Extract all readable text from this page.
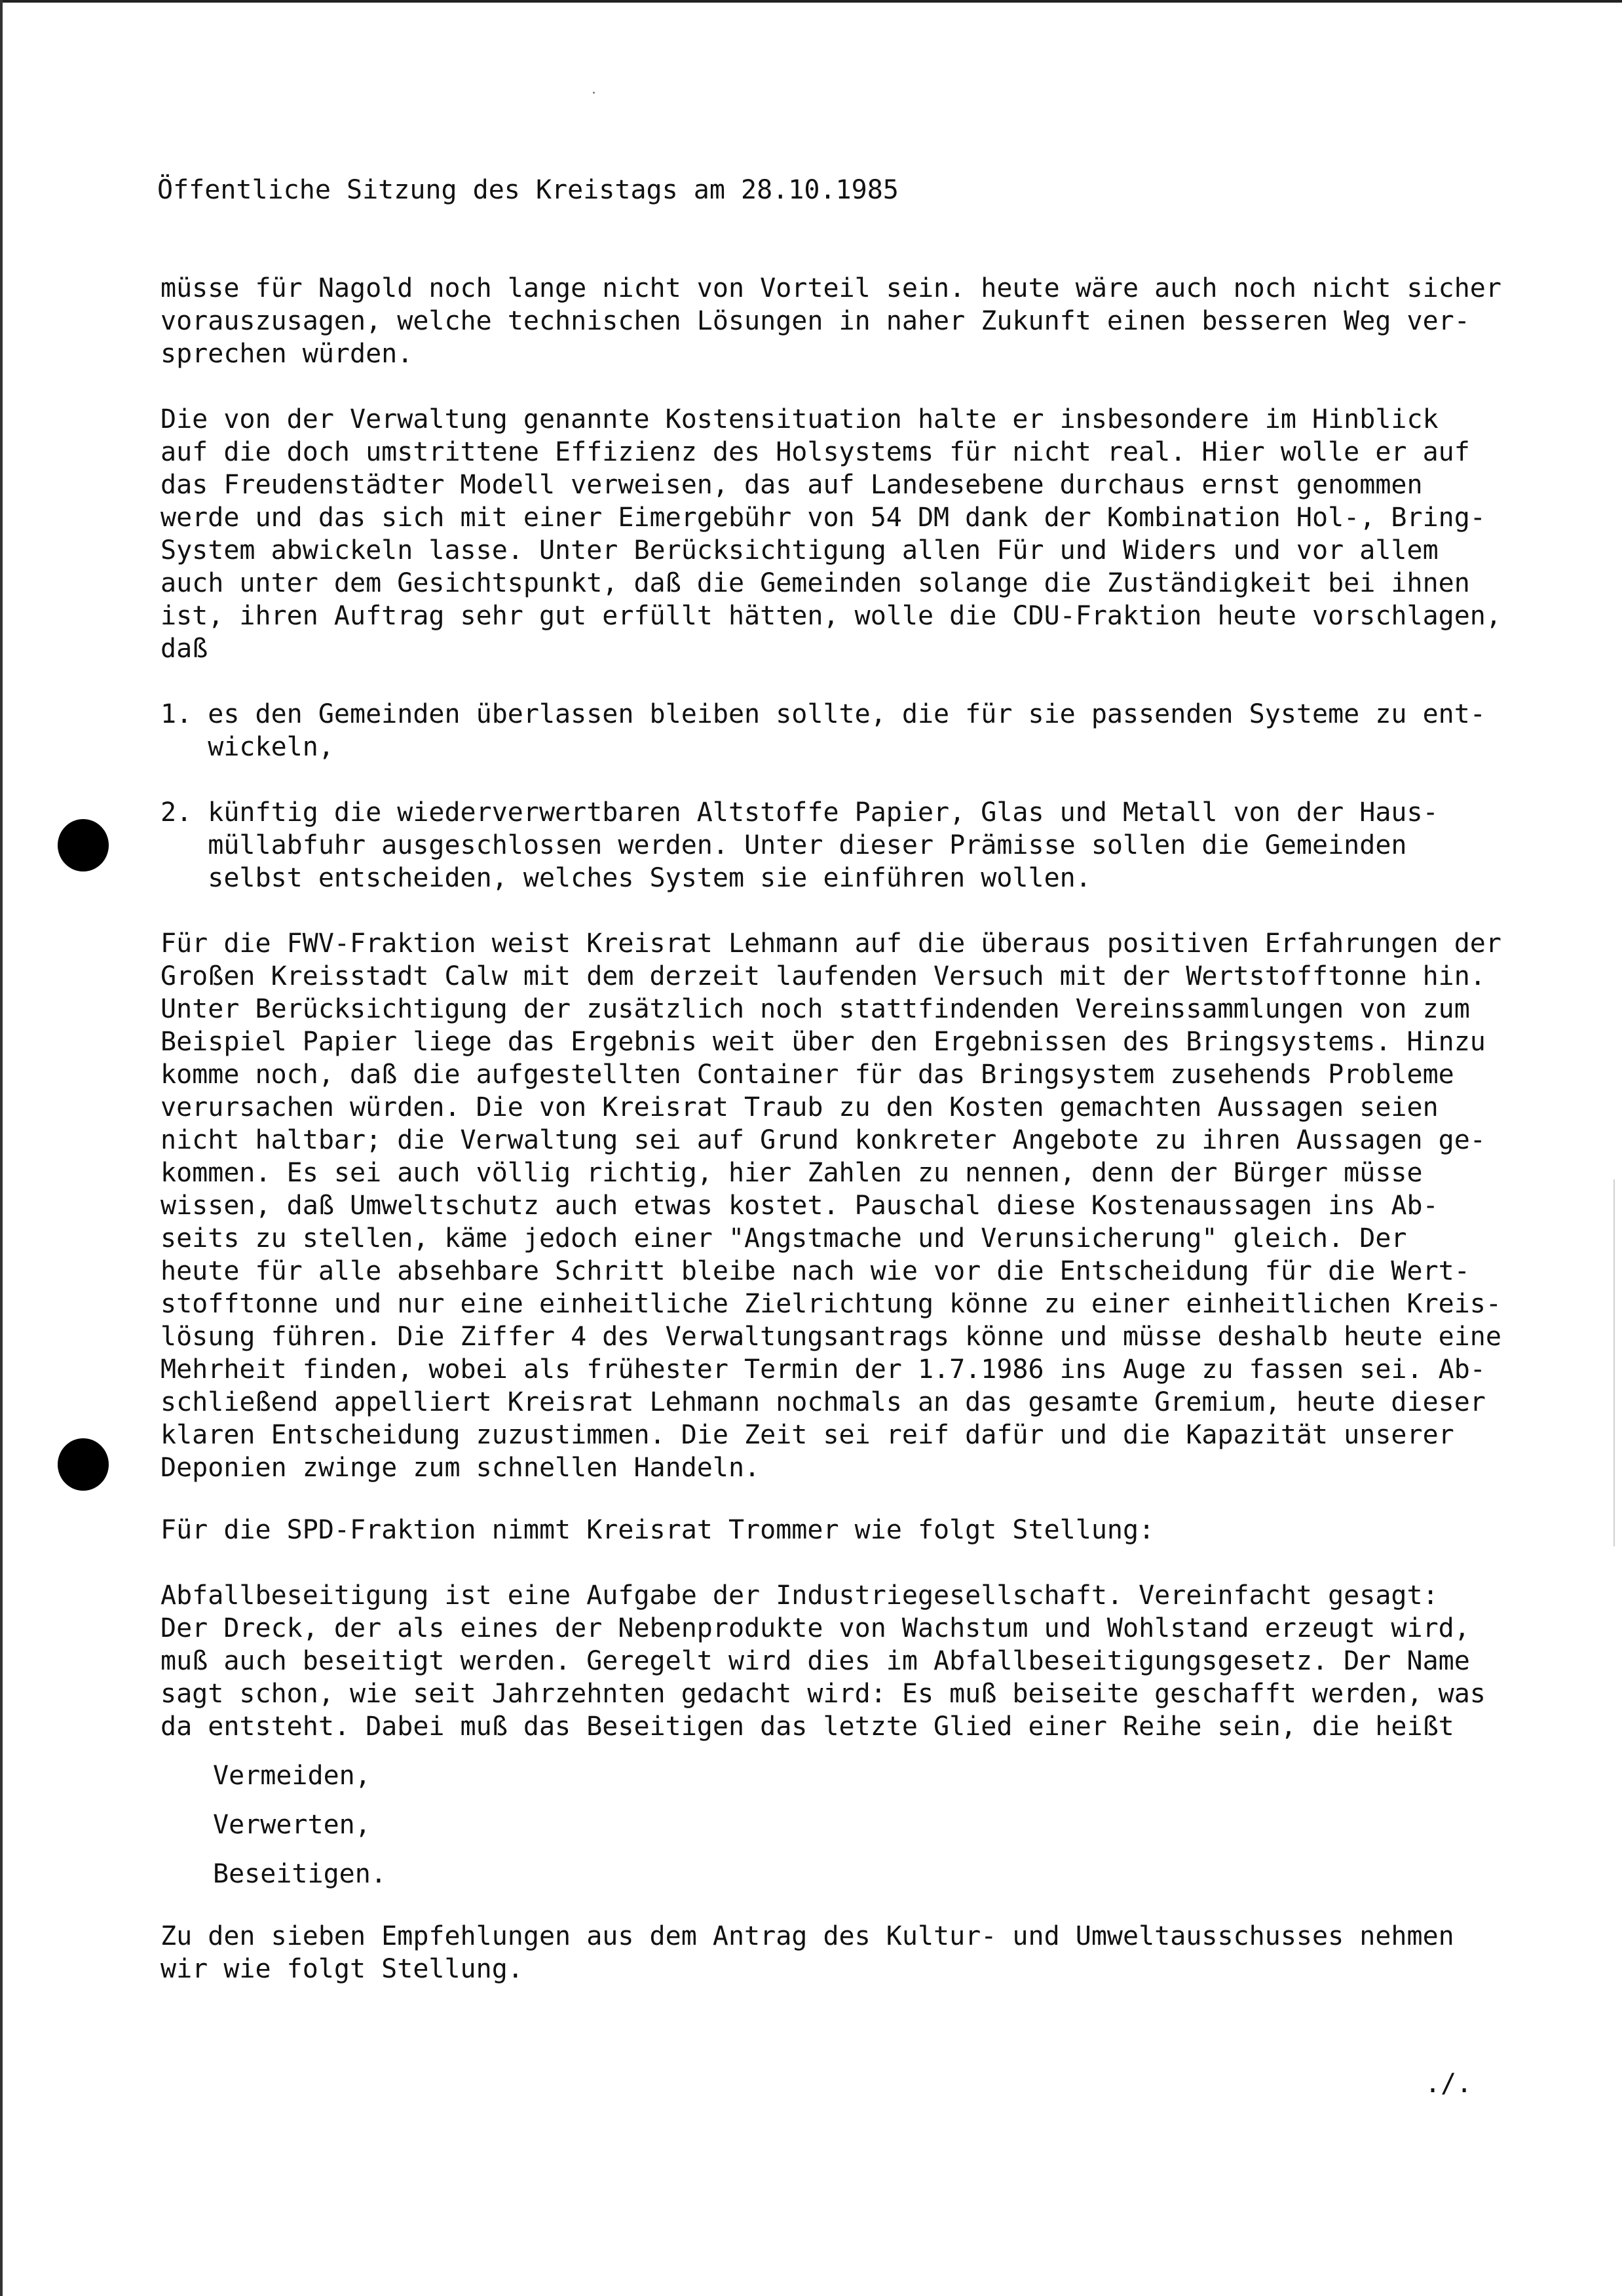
Öffentliche Sitzung des Kreistags am 28.10.1985
müsse für Nagold noch lange nicht von Vorteil sein. heute wäre auch noch nicht sicher
vorauszusagen, welche technischen Lösungen in naher Zukunft einen besseren Weg ver-
sprechen würden.
Die von der Verwaltung genannte Kostensituation halte er insbesondere im Hinblick
auf die doch umstrittene Effizienz des Holsystems für nicht real. Hier wolle er auf
das Freudenstädter Modell verweisen, das auf Landesebene durchaus ernst genommen
werde und das sich mit einer Eimergebühr von 54 DM dank der Kombination Hol-, Bring-
System abwickeln lasse. Unter Berücksichtigung allen Für und Widers und vor allem
auch unter dem Gesichtspunkt, daß die Gemeinden solange die Zuständigkeit bei ihnen
ist, ihren Auftrag sehr gut erfüllt hätten, wolle die CDU-Fraktion heute vorschlagen,
daß
1. es den Gemeinden überlassen bleiben sollte, die für sie passenden Systeme zu ent-
wickeln,
2. künftig die wiederverwertbaren Altstoffe Papier, Glas und Metall von der Haus-
müllabfuhr ausgeschlossen werden. Unter dieser Prämisse sollen die Gemeinden
selbst entscheiden, welches System sie einführen wollen.
Für die FWV-Fraktion weist Kreisrat Lehmann auf die überaus positiven Erfahrungen der
Großen Kreisstadt Calw mit dem derzeit laufenden Versuch mit der Wertstofftonne hin.
Unter Berücksichtigung der zusätzlich noch stattfindenden Vereinssammlungen von zum
Beispiel Papier liege das Ergebnis weit über den Ergebnissen des Bringsystems. Hinzu
komme noch, daß die aufgestellten Container für das Bringsystem zusehends Probleme
verursachen würden. Die von Kreisrat Traub zu den Kosten gemachten Aussagen seien
nicht haltbar; die Verwaltung sei auf Grund konkreter Angebote zu ihren Aussagen ge-
kommen. Es sei auch völlig richtig, hier Zahlen zu nennen, denn der Bürger müsse
wissen, daß Umweltschutz auch etwas kostet. Pauschal diese Kostenaussagen ins Ab-
seits zu stellen, käme jedoch einer "Angstmache und Verunsicherung" gleich. Der
heute für alle absehbare Schritt bleibe nach wie vor die Entscheidung für die Wert-
stofftonne und nur eine einheitliche Zielrichtung könne zu einer einheitlichen Kreis-
lösung führen. Die Ziffer 4 des Verwaltungsantrags könne und müsse deshalb heute eine
Mehrheit finden, wobei als frühester Termin der 1.7.1986 ins Auge zu fassen sei. Ab-
schließend appelliert Kreisrat Lehmann nochmals an das gesamte Gremium, heute dieser
klaren Entscheidung zuzustimmen. Die Zeit sei reif dafür und die Kapazität unserer
Deponien zwinge zum schnellen Handeln.
Für die SPD-Fraktion nimmt Kreisrat Trommer wie folgt Stellung:
Abfallbeseitigung ist eine Aufgabe der Industriegesellschaft. Vereinfacht gesagt:
Der Dreck, der als eines der Nebenprodukte von Wachstum und Wohlstand erzeugt wird,
muß auch beseitigt werden. Geregelt wird dies im Abfallbeseitigungsgesetz. Der Name
sagt schon, wie seit Jahrzehnten gedacht wird: Es muß beiseite geschafft werden, was
da entsteht. Dabei muß das Beseitigen das letzte Glied einer Reihe sein, die heißt
Vermeiden,
Verwerten,
Beseitigen.
Zu den sieben Empfehlungen aus dem Antrag des Kultur- und Umweltausschusses nehmen
wir wie folgt Stellung.
./.
